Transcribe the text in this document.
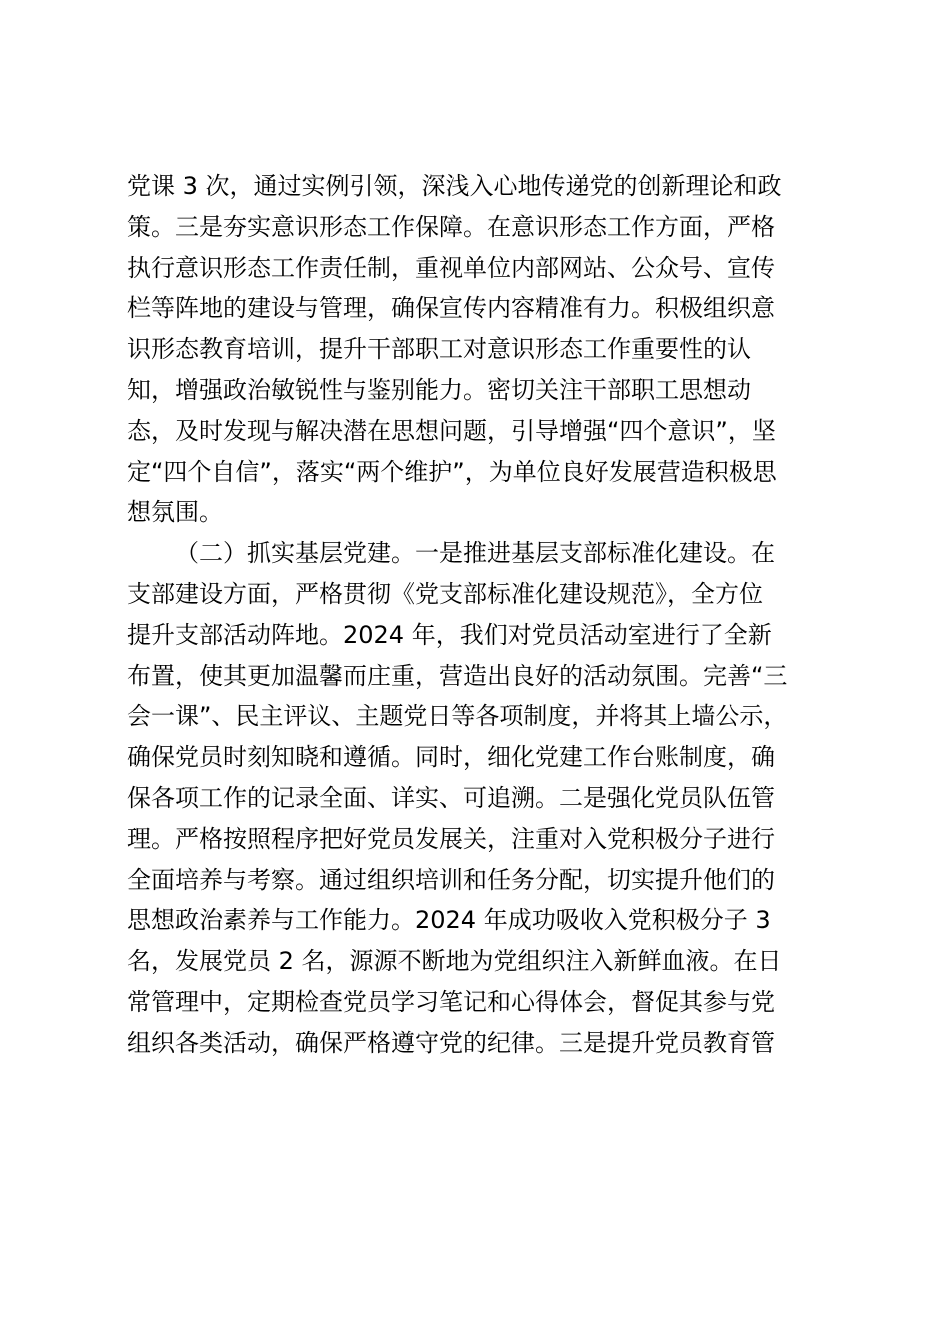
党课 3 次，通过实例引领，深浅入心地传递党的创新理论和政
策。三是夯实意识形态工作保障。在意识形态工作方面，严格
执行意识形态工作责任制，重视单位内部网站、公众号、宣传
栏等阵地的建设与管理，确保宣传内容精准有力。积极组织意
识形态教育培训，提升干部职工对意识形态工作重要性的认
知，增强政治敏锐性与鉴别能力。密切关注干部职工思想动
态，及时发现与解决潜在思想问题，引导增强“四个意识”，坚
定“四个自信”，落实“两个维护”，为单位良好发展营造积极思
想氛围。
（二）抓实基层党建。一是推进基层支部标准化建设。在
支部建设方面，严格贯彻《党支部标准化建设规范》，全方位
提升支部活动阵地。2024 年，我们对党员活动室进行了全新
布置，使其更加温馨而庄重，营造出良好的活动氛围。完善“三
会一课”、民主评议、主题党日等各项制度，并将其上墙公示，
确保党员时刻知晓和遵循。同时，细化党建工作台账制度，确
保各项工作的记录全面、详实、可追溯。二是强化党员队伍管
理。严格按照程序把好党员发展关，注重对入党积极分子进行
全面培养与考察。通过组织培训和任务分配，切实提升他们的
思想政治素养与工作能力。2024 年成功吸收入党积极分子 3
名，发展党员 2 名，源源不断地为党组织注入新鲜血液。在日
常管理中，定期检查党员学习笔记和心得体会，督促其参与党
组织各类活动，确保严格遵守党的纪律。三是提升党员教育管
